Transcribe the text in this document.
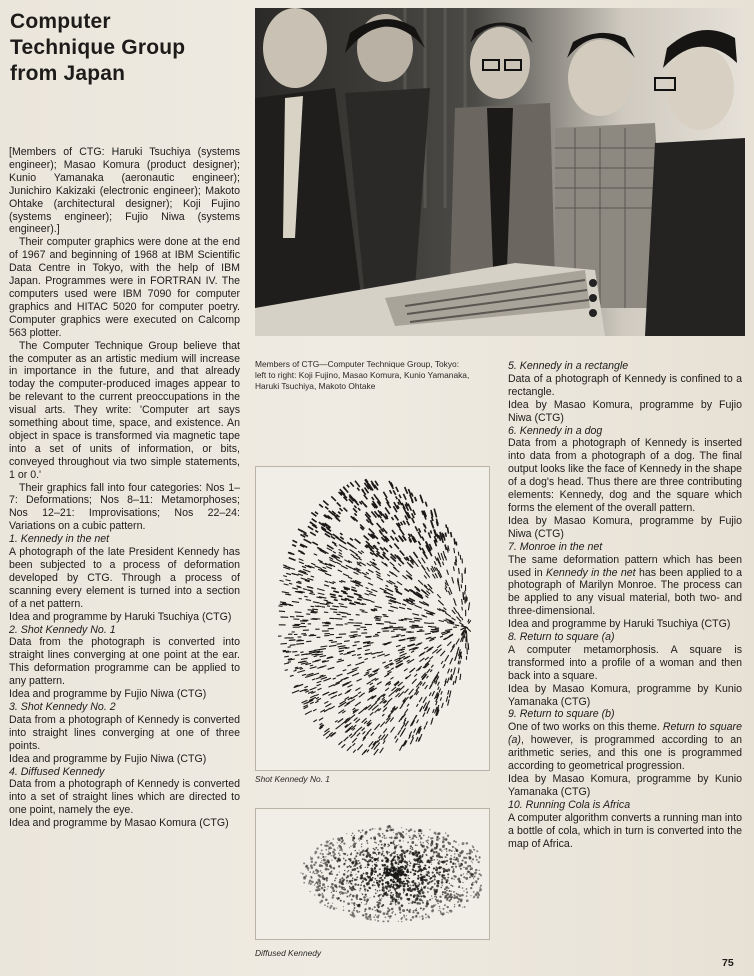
Computer
Technique Group
from Japan

[Members of CTG: Haruki Tsuchiya (systems engineer); Masao Komura (product designer); Kunio Yamanaka (aeronautic engineer); Junichiro Kakizaki (electronic engineer); Makoto Ohtake (architectural designer); Koji Fujino (systems engineer); Fujio Niwa (systems engineer).]

Their computer graphics were done at the end of 1967 and beginning of 1968 at IBM Scientific Data Centre in Tokyo, with the help of IBM Japan. Programmes were in FORTRAN IV. The computers used were IBM 7090 for computer graphics and HITAC 5020 for computer poetry. Computer graphics were executed on Calcomp 563 plotter.

The Computer Technique Group believe that the computer as an artistic medium will increase in importance in the future, and that already today the computer-produced images appear to be relevant to the current preoccupations in the visual arts. They write: 'Computer art says something about time, space, and existence. An object in space is transformed via magnetic tape into a set of units of information, or bits, conveyed throughout via two simple statements, 1 or 0.'

Their graphics fall into four categories: Nos 1–7: Deformations; Nos 8–11: Metamorphoses; Nos 12–21: Improvisations; Nos 22–24: Variations on a cubic pattern.

1. Kennedy in the net

A photograph of the late President Kennedy has been subjected to a process of deformation developed by CTG. Through a process of scanning every element is turned into a section of a net pattern.

Idea and programme by Haruki Tsuchiya (CTG)

2. Shot Kennedy No. 1

Data from the photograph is converted into straight lines converging at one point at the ear. This deformation programme can be applied to any pattern.

Idea and programme by Fujio Niwa (CTG)

3. Shot Kennedy No. 2

Data from a photograph of Kennedy is converted into straight lines converging at one of three points.

Idea and programme by Fujio Niwa (CTG)

4. Diffused Kennedy

Data from a photograph of Kennedy is converted into a set of straight lines which are directed to one point, namely the eye.

Idea and programme by Masao Komura (CTG)

Members of CTG—Computer Technique Group, Tokyo:

left to right: Koji Fujino, Masao Komura, Kunio Yamanaka, Haruki Tsuchiya, Makoto Ohtake

Shot Kennedy No. 1
Diffused Kennedy

5. Kennedy in a rectangle

Data of a photograph of Kennedy is confined to a rectangle.

Idea by Masao Komura, programme by Fujio Niwa (CTG)

6. Kennedy in a dog

Data from a photograph of Kennedy is inserted into data from a photograph of a dog. The final output looks like the face of Kennedy in the shape of a dog's head. Thus there are three contributing elements: Kennedy, dog and the square which forms the element of the overall pattern.

Idea by Masao Komura, programme by Fujio Niwa (CTG)

7. Monroe in the net

The same deformation pattern which has been used in Kennedy in the net has been applied to a photograph of Marilyn Monroe. The process can be applied to any visual material, both two- and three-dimensional.

Idea and programme by Haruki Tsuchiya (CTG)

8. Return to square (a)

A computer metamorphosis. A square is transformed into a profile of a woman and then back into a square.

Idea by Masao Komura, programme by Kunio Yamanaka (CTG)

9. Return to square (b)

One of two works on this theme. Return to square (a), however, is programmed according to an arithmetic series, and this one is programmed according to geometrical progression.

Idea by Masao Komura, programme by Kunio Yamanaka (CTG)

10. Running Cola is Africa

A computer algorithm converts a running man into a bottle of cola, which in turn is converted into the map of Africa.

75
